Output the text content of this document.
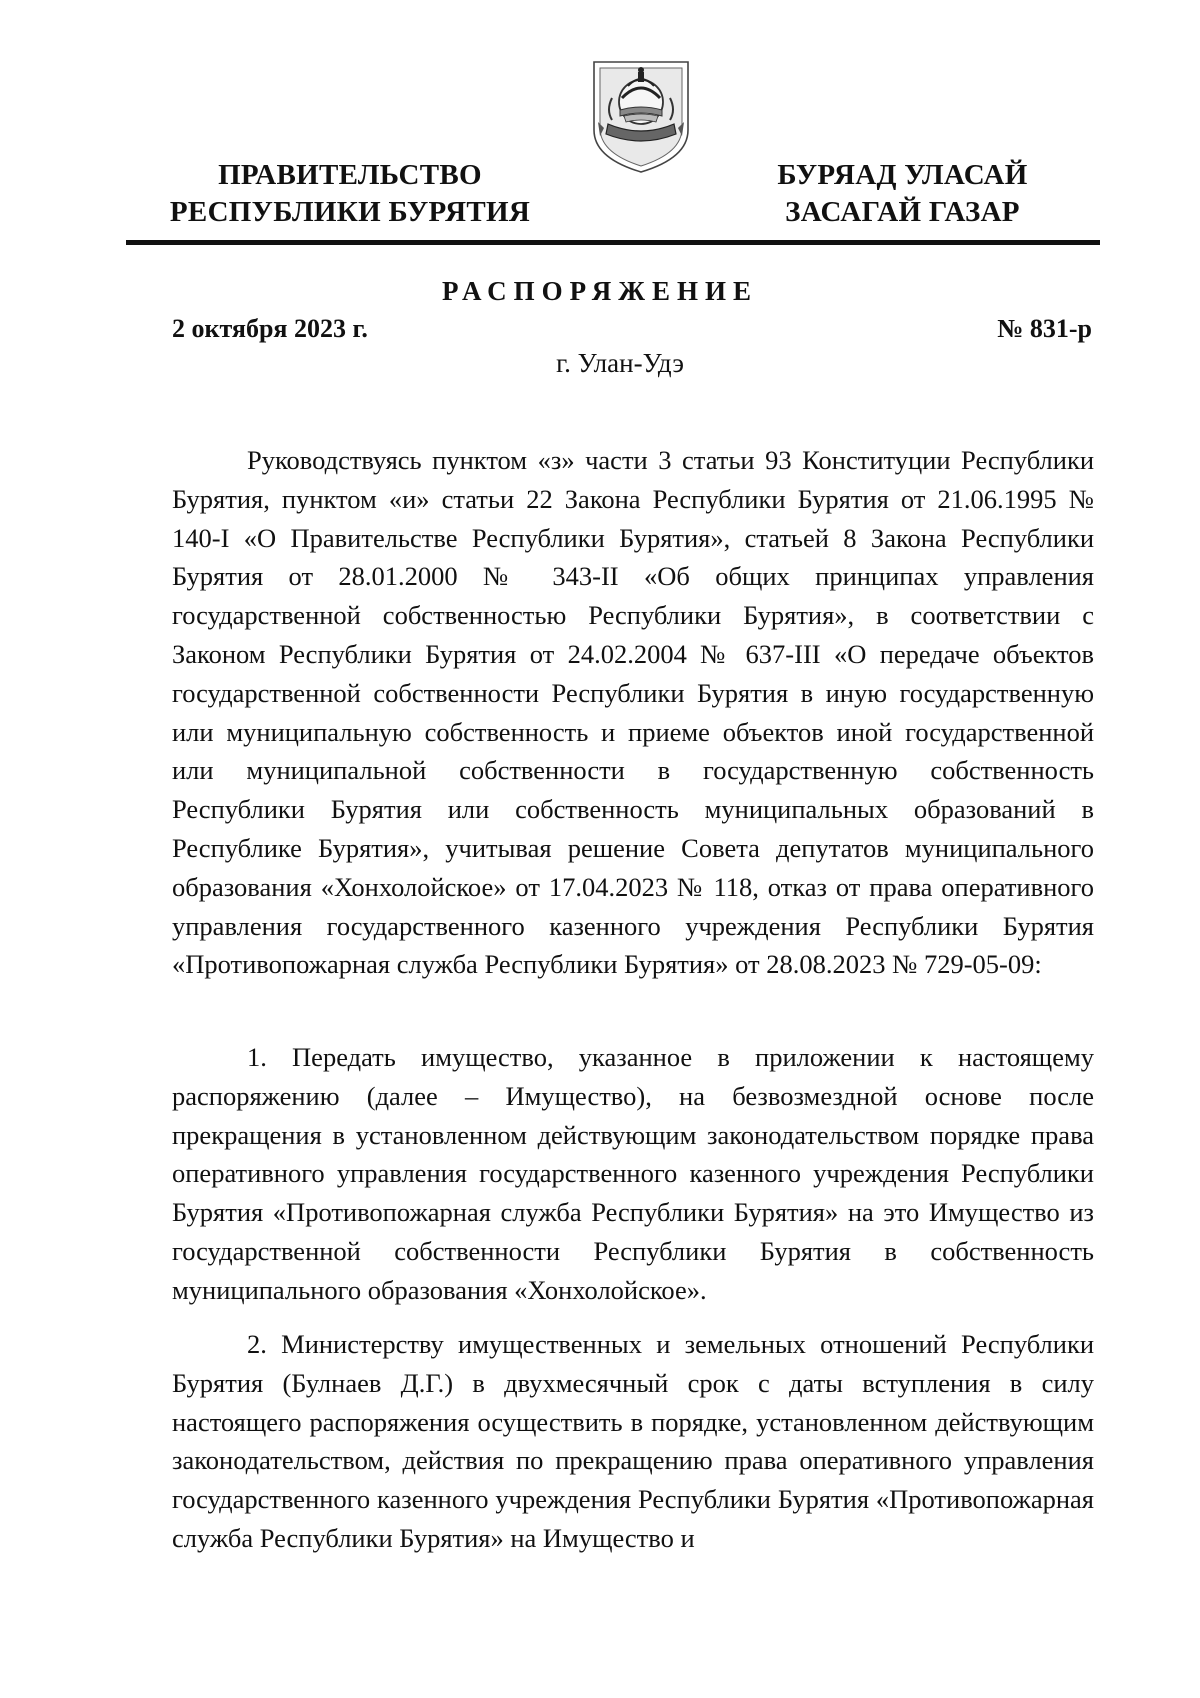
ПРАВИТЕЛЬСТВО
РЕСПУБЛИКИ БУРЯТИЯ
БУРЯАД УЛАСАЙ
ЗАСАГАЙ ГАЗАР
РАСПОРЯЖЕНИЕ
2 октября 2023 г.	№ 831-р
г. Улан-Удэ

Руководствуясь пунктом «з» части 3 статьи 93 Конституции Республики Бурятия, пунктом «и» статьи 22 Закона Республики Бурятия от 21.06.1995 № 140-I «О Правительстве Республики Бурятия», статьей 8 Закона Республики Бурятия от 28.01.2000 № 343-II «Об общих принципах управления государственной собственностью Республики Бурятия», в соответствии с Законом Республики Бурятия от 24.02.2004 № 637-III «О передаче объектов государственной собственности Республики Бурятия в иную государственную или муниципальную собственность и приеме объектов иной государственной или муниципальной собственности в государственную собственность Республики Бурятия или собственность муниципальных образований в Республике Бурятия», учитывая решение Совета депутатов муниципального образования «Хонхолойское» от 17.04.2023 № 118, отказ от права оперативного управления государственного казенного учреждения Республики Бурятия «Противопожарная служба Республики Бурятия» от 28.08.2023 № 729-05-09:

1. Передать имущество, указанное в приложении к настоящему распоряжению (далее – Имущество), на безвозмездной основе после прекращения в установленном действующим законодательством порядке права оперативного управления государственного казенного учреждения Республики Бурятия «Противопожарная служба Республики Бурятия» на это Имущество из государственной собственности Республики Бурятия в собственность муниципального образования «Хонхолойское».

2. Министерству имущественных и земельных отношений Республики Бурятия (Булнаев Д.Г.) в двухмесячный срок с даты вступления в силу настоящего распоряжения осуществить в порядке, установленном действующим законодательством, действия по прекращению права оперативного управления государственного казенного учреждения Республики Бурятия «Противопожарная служба Республики Бурятия» на Имущество и
